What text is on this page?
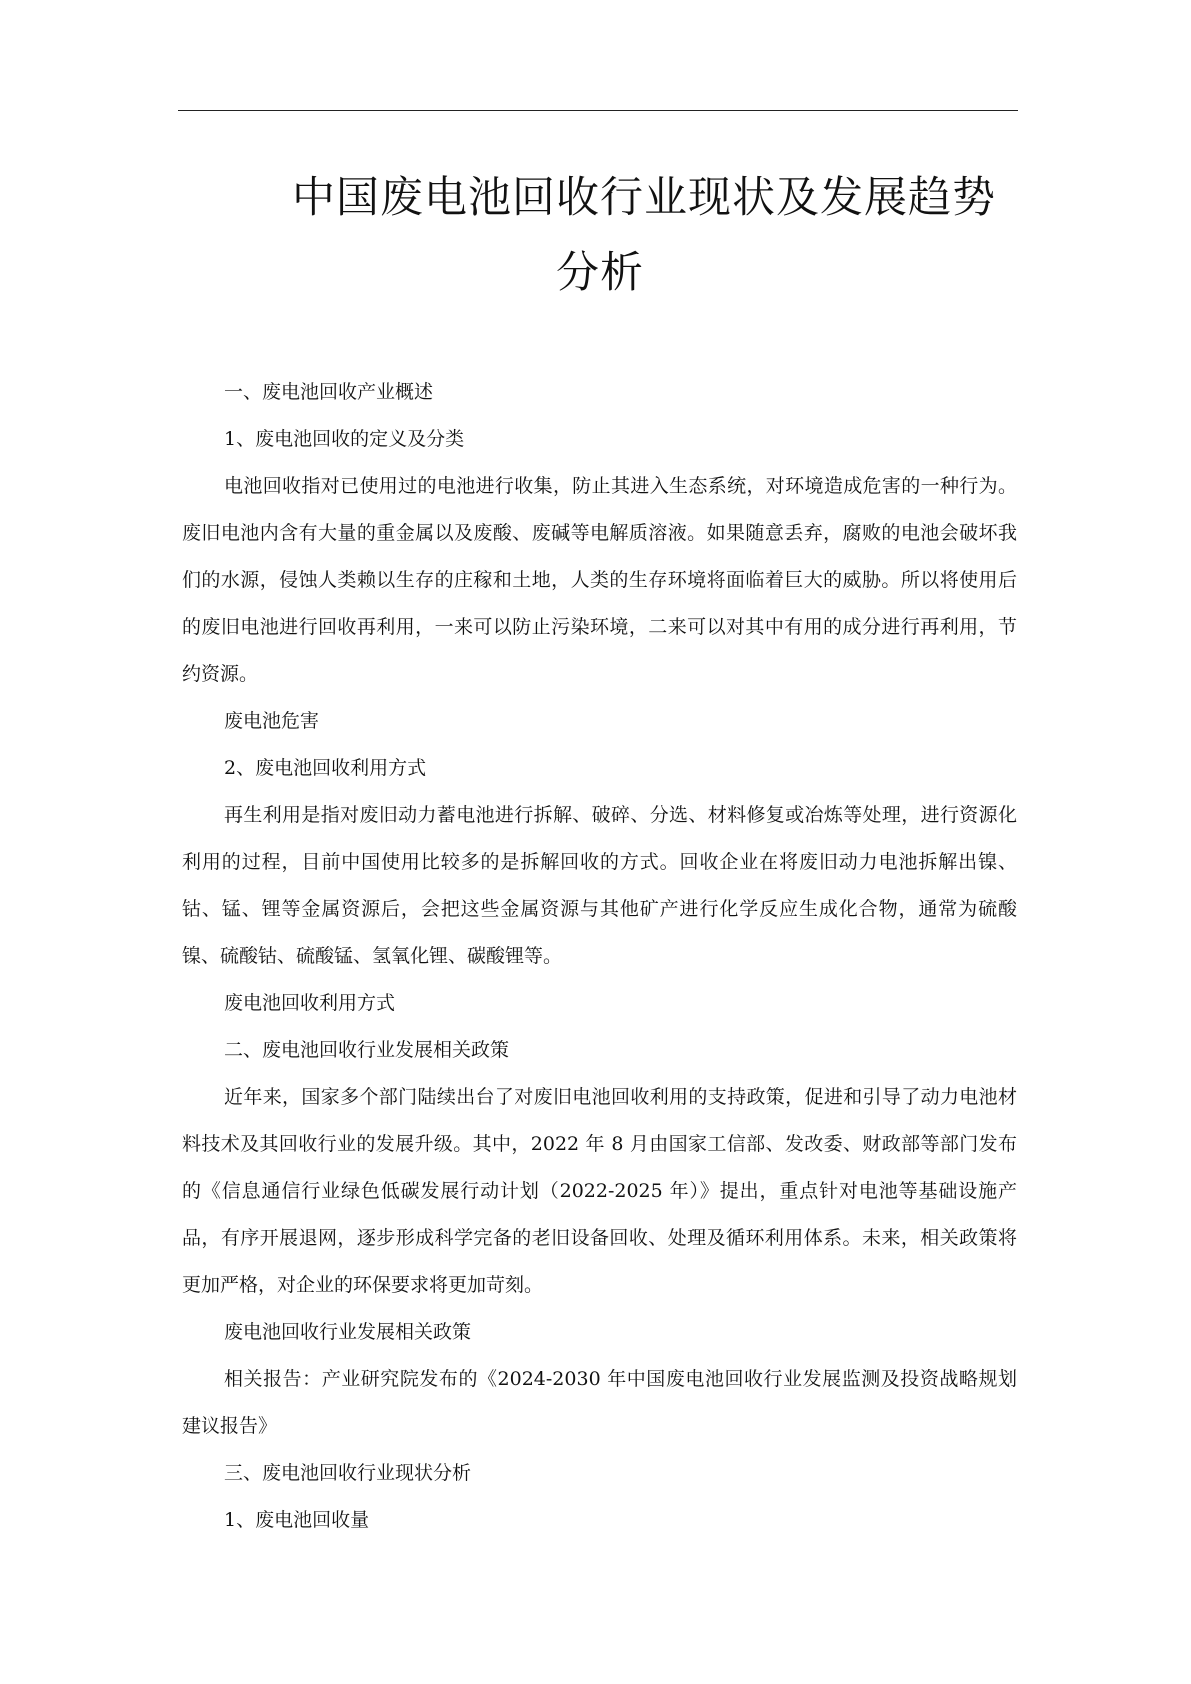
中国废电池回收行业现状及发展趋势
分析

一、废电池回收产业概述

1、废电池回收的定义及分类

电池回收指对已使用过的电池进行收集，防止其进入生态系统，对环境造成危害的一种行为。废旧电池内含有大量的重金属以及废酸、废碱等电解质溶液。如果随意丢弃，腐败的电池会破坏我们的水源，侵蚀人类赖以生存的庄稼和土地，人类的生存环境将面临着巨大的威胁。所以将使用后的废旧电池进行回收再利用，一来可以防止污染环境，二来可以对其中有用的成分进行再利用，节约资源。

废电池危害

2、废电池回收利用方式

再生利用是指对废旧动力蓄电池进行拆解、破碎、分选、材料修复或冶炼等处理，进行资源化利用的过程，目前中国使用比较多的是拆解回收的方式。回收企业在将废旧动力电池拆解出镍、钴、锰、锂等金属资源后，会把这些金属资源与其他矿产进行化学反应生成化合物，通常为硫酸镍、硫酸钴、硫酸锰、氢氧化锂、碳酸锂等。

废电池回收利用方式

二、废电池回收行业发展相关政策

近年来，国家多个部门陆续出台了对废旧电池回收利用的支持政策，促进和引导了动力电池材料技术及其回收行业的发展升级。其中，2022 年 8 月由国家工信部、发改委、财政部等部门发布的《信息通信行业绿色低碳发展行动计划（2022-2025 年）》提出，重点针对电池等基础设施产品，有序开展退网，逐步形成科学完备的老旧设备回收、处理及循环利用体系。未来，相关政策将更加严格，对企业的环保要求将更加苛刻。

废电池回收行业发展相关政策

相关报告：产业研究院发布的《2024-2030 年中国废电池回收行业发展监测及投资战略规划建议报告》

三、废电池回收行业现状分析

1、废电池回收量
